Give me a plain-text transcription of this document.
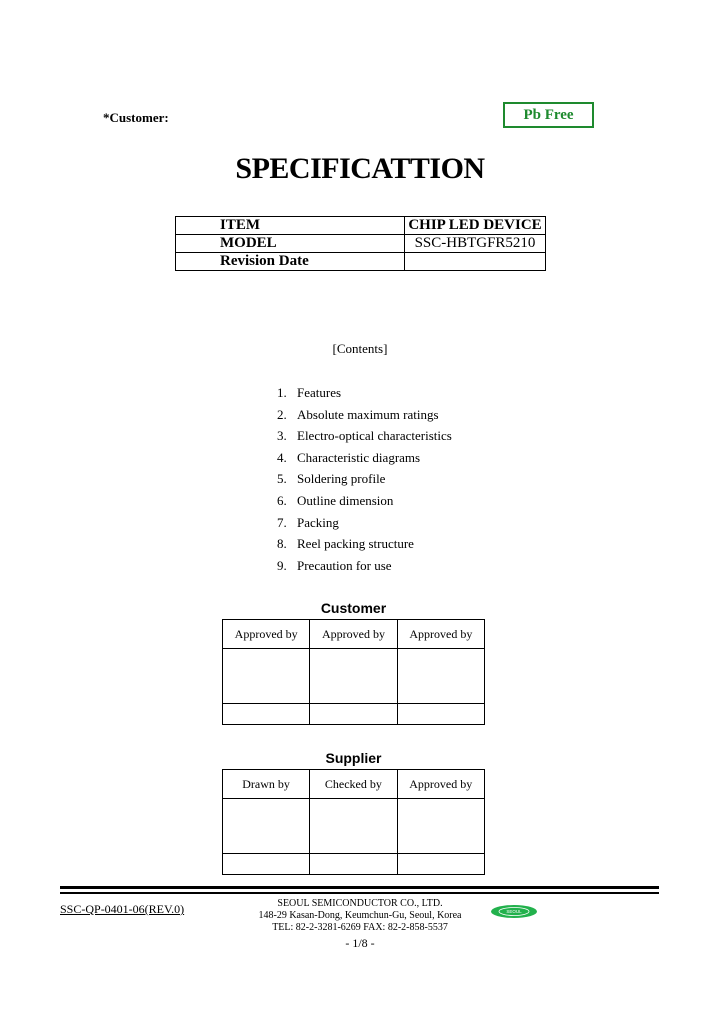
*Customer:	Pb Free
SPECIFICATTION
ITEM	CHIP LED DEVICE
MODEL	SSC-HBTGFR5210
Revision Date	
[Contents]
1. Features
2. Absolute maximum ratings
3. Electro-optical characteristics
4. Characteristic diagrams
5. Soldering profile
6. Outline dimension
7. Packing
8. Reel packing structure
9. Precaution for use
Customer
Approved by	Approved by	Approved by

Supplier
Drawn by	Checked by	Approved by

SSC-QP-0401-06(REV.0)	SEOUL SEMICONDUCTOR CO., LTD.
148-29 Kasan-Dong, Keumchun-Gu, Seoul, Korea
TEL: 82-2-3281-6269 FAX: 82-2-858-5537
- 1/8 -
SEOUL
